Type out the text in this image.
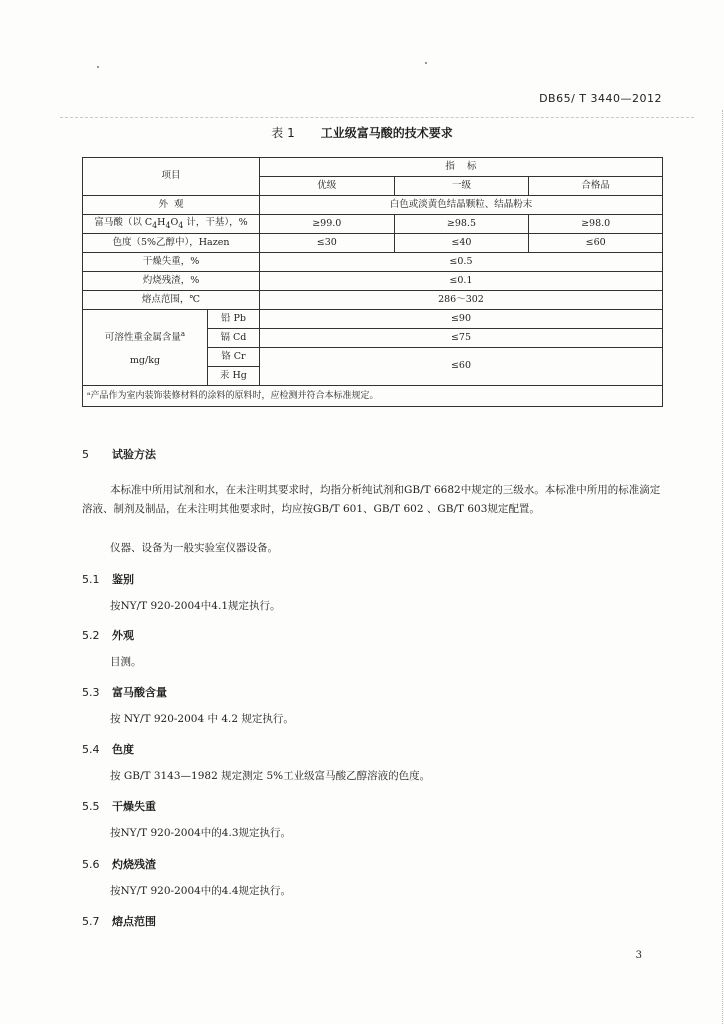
DB65/ T 3440—2012
表 1 工业级富马酸的技术要求
项目		指    标		
		优级	一级	合格品
外  观		白色或淡黄色结晶颗粒、结晶粉末		
富马酸（以 $C_4H_4O_4$ 计，干基），%		≥99.0	≥98.5	≥98.0
色度（5%乙醇中），Hazen		≤30	≤40	≤60
干燥失重，%		≤0.5		
灼烧残渣，%		≤0.1		
熔点范围，℃		286～302		
可溶性重金属含量$^a$
mg/kg	铅 Pb	≤90		
	镉 Cd	≤75		
	铬 Cr	≤60		
	汞 Hg			
ᵃ产品作为室内装饰装修材料的涂料的原料时，应检测并符合本标准规定。				
5 试验方法
本标准中所用试剂和水，在未注明其要求时，均指分析纯试剂和GB/T 6682中规定的三级水。本标准中所用的标准滴定溶液、制剂及制品，在未注明其他要求时，均应按GB/T 601、GB/T 602 、GB/T 603规定配置。
仪器、设备为一般实验室仪器设备。
5.1 鉴别
按NY/T 920-2004中4.1规定执行。
5.2 外观
目测。
5.3 富马酸含量
按 NY/T 920-2004 中 4.2 规定执行。
5.4 色度
按 GB/T 3143—1982 规定测定 5%工业级富马酸乙醇溶液的色度。
5.5 干燥失重
按NY/T 920-2004中的4.3规定执行。
5.6 灼烧残渣
按NY/T 920-2004中的4.4规定执行。
5.7 熔点范围
3
